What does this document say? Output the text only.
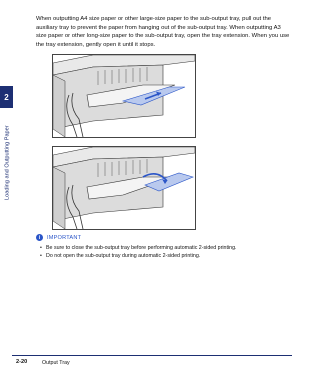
2
Loading and Outputting Paper

When outputting A4 size paper or other large-size paper to the sub-output tray, pull out the auxiliary tray to prevent the paper from hanging out of the sub-output tray. When outputting A3 size paper or other long-size paper to the sub-output tray, open the tray extension. When you use the tray extension, gently open it until it stops.

i	IMPORTANT
• Be sure to close the sub-output tray before performing automatic 2-sided printing.
• Do not open the sub-output tray during automatic 2-sided printing.
2-20	Output Tray
